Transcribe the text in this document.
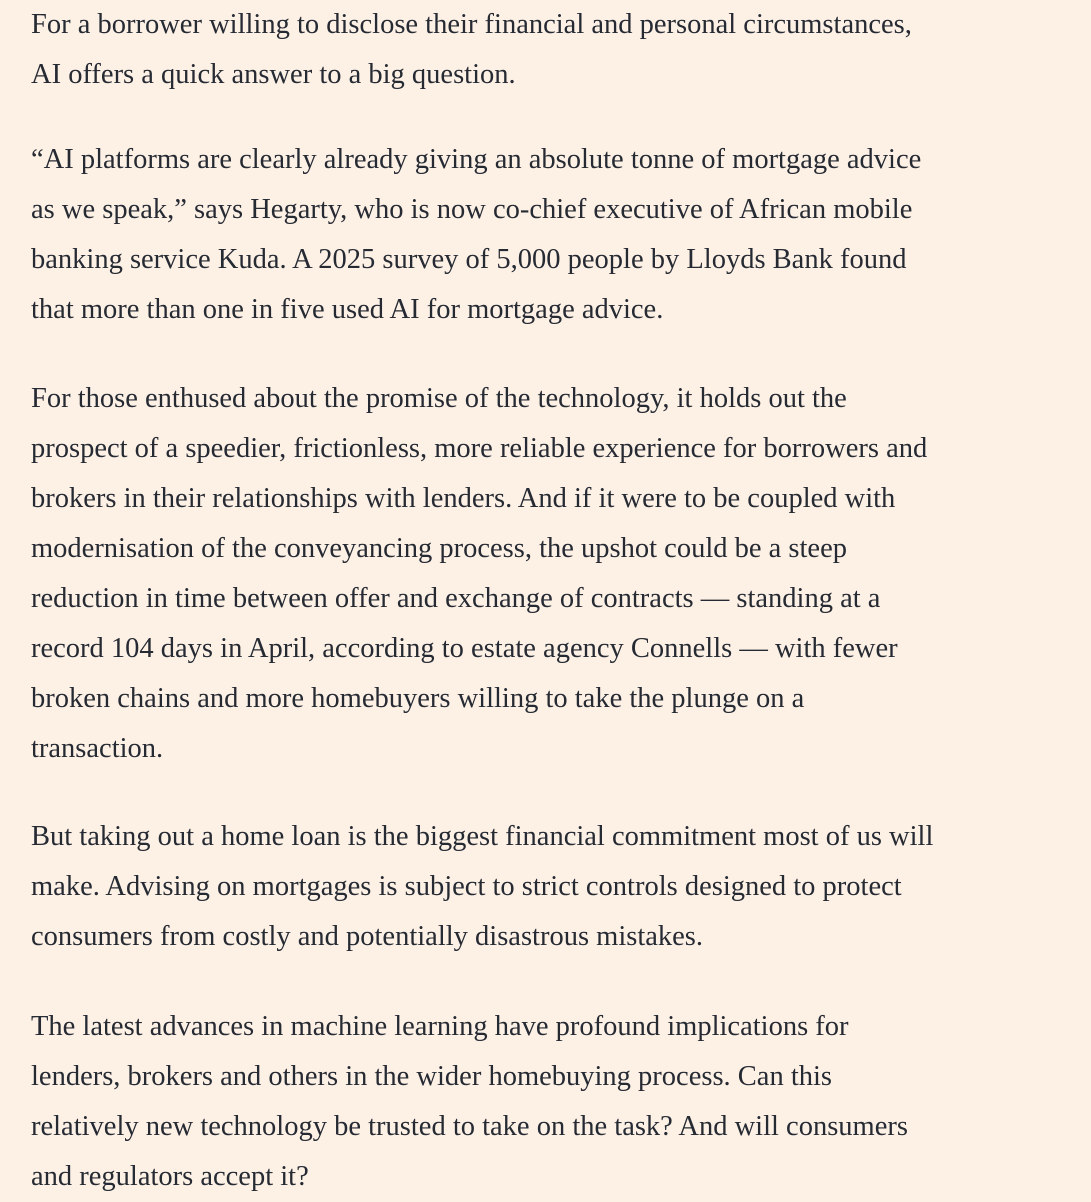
For a borrower willing to disclose their financial and personal circumstances,
AI offers a quick answer to a big question.

“AI platforms are clearly already giving an absolute tonne of mortgage advice
as we speak,” says Hegarty, who is now co-chief executive of African mobile
banking service Kuda. A 2025 survey of 5,000 people by Lloyds Bank found
that more than one in five used AI for mortgage advice.

For those enthused about the promise of the technology, it holds out the
prospect of a speedier, frictionless, more reliable experience for borrowers and
brokers in their relationships with lenders. And if it were to be coupled with
modernisation of the conveyancing process, the upshot could be a steep
reduction in time between offer and exchange of contracts — standing at a
record 104 days in April, according to estate agency Connells — with fewer
broken chains and more homebuyers willing to take the plunge on a
transaction.

But taking out a home loan is the biggest financial commitment most of us will
make. Advising on mortgages is subject to strict controls designed to protect
consumers from costly and potentially disastrous mistakes.

The latest advances in machine learning have profound implications for
lenders, brokers and others in the wider homebuying process. Can this
relatively new technology be trusted to take on the task? And will consumers
and regulators accept it?
